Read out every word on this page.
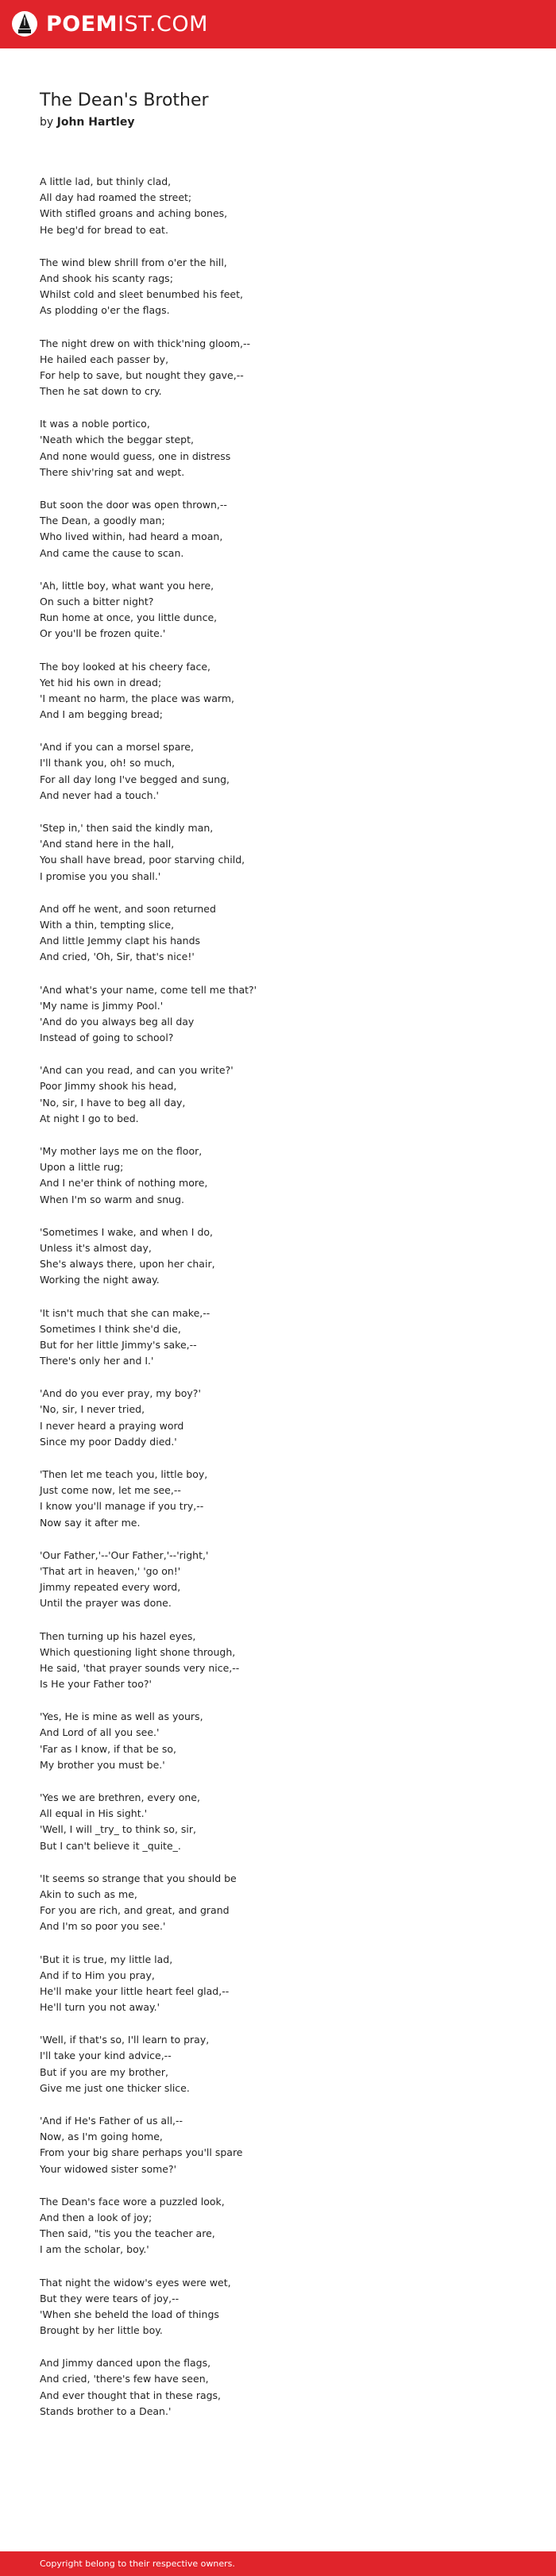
POEMIST.COM
The Dean's Brother
by John Hartley
A little lad, but thinly clad,
All day had roamed the street;
With stifled groans and aching bones,
He beg'd for bread to eat.
The wind blew shrill from o'er the hill,
And shook his scanty rags;
Whilst cold and sleet benumbed his feet,
As plodding o'er the flags.
The night drew on with thick'ning gloom,--
He hailed each passer by,
For help to save, but nought they gave,--
Then he sat down to cry.
It was a noble portico,
'Neath which the beggar stept,
And none would guess, one in distress
There shiv'ring sat and wept.
But soon the door was open thrown,--
The Dean, a goodly man;
Who lived within, had heard a moan,
And came the cause to scan.
'Ah, little boy, what want you here,
On such a bitter night?
Run home at once, you little dunce,
Or you'll be frozen quite.'
The boy looked at his cheery face,
Yet hid his own in dread;
'I meant no harm, the place was warm,
And I am begging bread;
'And if you can a morsel spare,
I'll thank you, oh! so much,
For all day long I've begged and sung,
And never had a touch.'
'Step in,' then said the kindly man,
'And stand here in the hall,
You shall have bread, poor starving child,
I promise you you shall.'
And off he went, and soon returned
With a thin, tempting slice,
And little Jemmy clapt his hands
And cried, 'Oh, Sir, that's nice!'
'And what's your name, come tell me that?'
'My name is Jimmy Pool.'
'And do you always beg all day
Instead of going to school?
'And can you read, and can you write?'
Poor Jimmy shook his head,
'No, sir, I have to beg all day,
At night I go to bed.
'My mother lays me on the floor,
Upon a little rug;
And I ne'er think of nothing more,
When I'm so warm and snug.
'Sometimes I wake, and when I do,
Unless it's almost day,
She's always there, upon her chair,
Working the night away.
'It isn't much that she can make,--
Sometimes I think she'd die,
But for her little Jimmy's sake,--
There's only her and I.'
'And do you ever pray, my boy?'
'No, sir, I never tried,
I never heard a praying word
Since my poor Daddy died.'
'Then let me teach you, little boy,
Just come now, let me see,--
I know you'll manage if you try,--
Now say it after me.
'Our Father,'--'Our Father,'--'right,'
'That art in heaven,' 'go on!'
Jimmy repeated every word,
Until the prayer was done.
Then turning up his hazel eyes,
Which questioning light shone through,
He said, 'that prayer sounds very nice,--
Is He your Father too?'
'Yes, He is mine as well as yours,
And Lord of all you see.'
'Far as I know, if that be so,
My brother you must be.'
'Yes we are brethren, every one,
All equal in His sight.'
'Well, I will _try_ to think so, sir,
But I can't believe it _quite_.
'It seems so strange that you should be
Akin to such as me,
For you are rich, and great, and grand
And I'm so poor you see.'
'But it is true, my little lad,
And if to Him you pray,
He'll make your little heart feel glad,--
He'll turn you not away.'
'Well, if that's so, I'll learn to pray,
I'll take your kind advice,--
But if you are my brother,
Give me just one thicker slice.
'And if He's Father of us all,--
Now, as I'm going home,
From your big share perhaps you'll spare
Your widowed sister some?'
The Dean's face wore a puzzled look,
And then a look of joy;
Then said, "tis you the teacher are,
I am the scholar, boy.'
That night the widow's eyes were wet,
But they were tears of joy,--
'When she beheld the load of things
Brought by her little boy.
And Jimmy danced upon the flags,
And cried, 'there's few have seen,
And ever thought that in these rags,
Stands brother to a Dean.'
Copyright belong to their respective owners.
